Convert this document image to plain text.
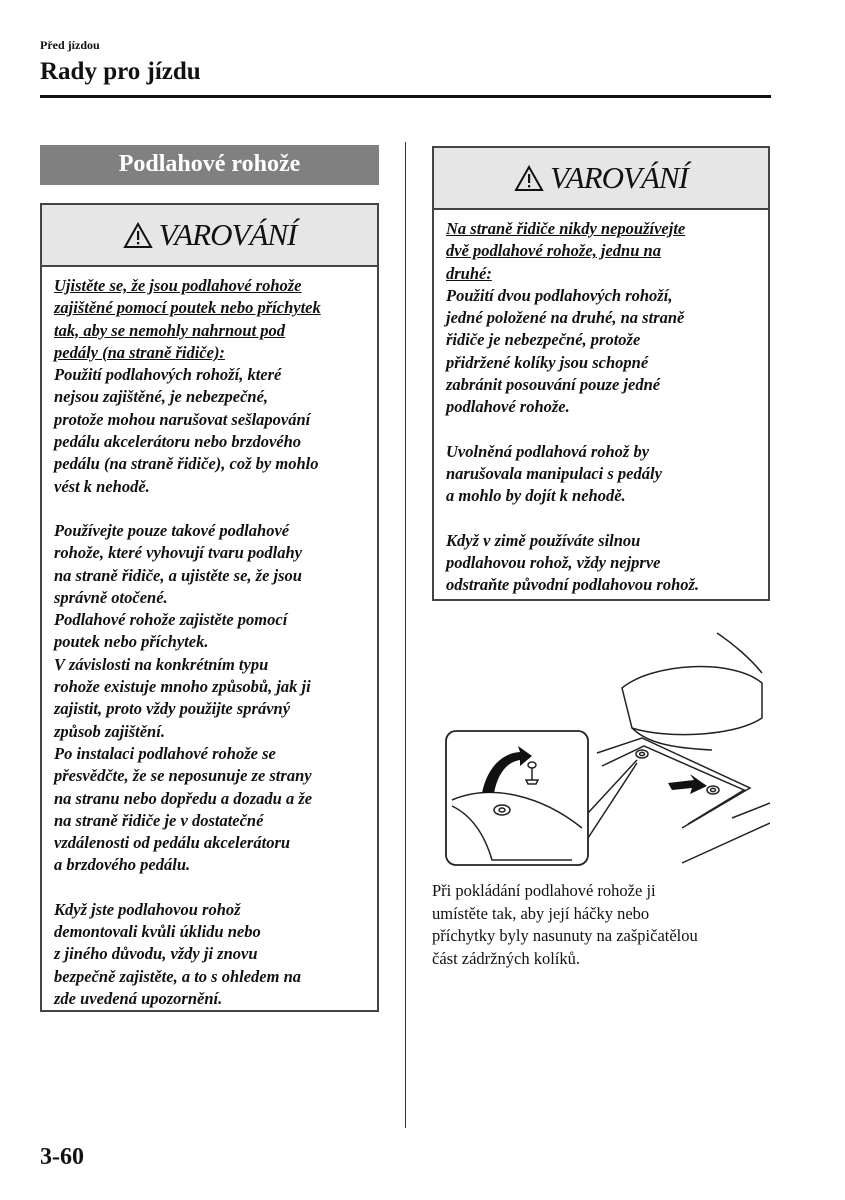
Před jízdou
Rady pro jízdu
Podlahové rohože
VAROVÁNÍ
Ujistěte se, že jsou podlahové rohože
zajištěné pomocí poutek nebo příchytek
tak, aby se nemohly nahrnout pod
pedály (na straně řidiče):
Použití podlahových rohoží, které
nejsou zajištěné, je nebezpečné,
protože mohou narušovat sešlapování
pedálu akcelerátoru nebo brzdového
pedálu (na straně řidiče), což by mohlo
vést k nehodě.
Používejte pouze takové podlahové
rohože, které vyhovují tvaru podlahy
na straně řidiče, a ujistěte se, že jsou
správně otočené.
Podlahové rohože zajistěte pomocí
poutek nebo příchytek.
V závislosti na konkrétním typu
rohože existuje mnoho způsobů, jak ji
zajistit, proto vždy použijte správný
způsob zajištění.
Po instalaci podlahové rohože se
přesvědčte, že se neposunuje ze strany
na stranu nebo dopředu a dozadu a že
na straně řidiče je v dostatečné
vzdálenosti od pedálu akcelerátoru
a brzdového pedálu.
Když jste podlahovou rohož
demontovali kvůli úklidu nebo
z jiného důvodu, vždy ji znovu
bezpečně zajistěte, a to s ohledem na
zde uvedená upozornění.
VAROVÁNÍ
Na straně řidiče nikdy nepoužívejte
dvě podlahové rohože, jednu na
druhé:
Použití dvou podlahových rohoží,
jedné položené na druhé, na straně
řidiče je nebezpečné, protože
přidržené kolíky jsou schopné
zabránit posouvání pouze jedné
podlahové rohože.
Uvolněná podlahová rohož by
narušovala manipulaci s pedály
a mohlo by dojít k nehodě.
Když v zimě používáte silnou
podlahovou rohož, vždy nejprve
odstraňte původní podlahovou rohož.
Při pokládání podlahové rohože ji
umístěte tak, aby její háčky nebo
příchytky byly nasunuty na zašpičatělou
část zádržných kolíků.
3-60
